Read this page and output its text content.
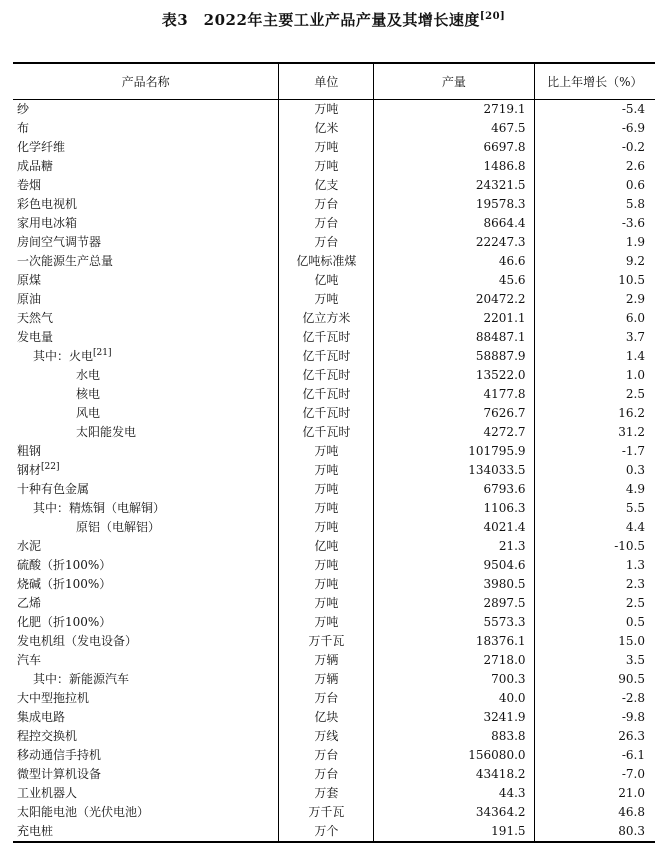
表3　2022年主要工业产品产量及其增长速度[20]
产品名称	单位	产量	比上年增长（%）
纱	万吨	2719.1	-5.4
布	亿米	467.5	-6.9
化学纤维	万吨	6697.8	-0.2
成品糖	万吨	1486.8	2.6
卷烟	亿支	24321.5	0.6
彩色电视机	万台	19578.3	5.8
家用电冰箱	万台	8664.4	-3.6
房间空气调节器	万台	22247.3	1.9
一次能源生产总量	亿吨标准煤	46.6	9.2
原煤	亿吨	45.6	10.5
原油	万吨	20472.2	2.9
天然气	亿立方米	2201.1	6.0
发电量	亿千瓦时	88487.1	3.7
其中：火电[21]	亿千瓦时	58887.9	1.4
水电	亿千瓦时	13522.0	1.0
核电	亿千瓦时	4177.8	2.5
风电	亿千瓦时	7626.7	16.2
太阳能发电	亿千瓦时	4272.7	31.2
粗钢	万吨	101795.9	-1.7
钢材[22]	万吨	134033.5	0.3
十种有色金属	万吨	6793.6	4.9
其中：精炼铜（电解铜）	万吨	1106.3	5.5
原铝（电解铝）	万吨	4021.4	4.4
水泥	亿吨	21.3	-10.5
硫酸（折100%）	万吨	9504.6	1.3
烧碱（折100%）	万吨	3980.5	2.3
乙烯	万吨	2897.5	2.5
化肥（折100%）	万吨	5573.3	0.5
发电机组（发电设备）	万千瓦	18376.1	15.0
汽车	万辆	2718.0	3.5
其中：新能源汽车	万辆	700.3	90.5
大中型拖拉机	万台	40.0	-2.8
集成电路	亿块	3241.9	-9.8
程控交换机	万线	883.8	26.3
移动通信手持机	万台	156080.0	-6.1
微型计算机设备	万台	43418.2	-7.0
工业机器人	万套	44.3	21.0
太阳能电池（光伏电池）	万千瓦	34364.2	46.8
充电桩	万个	191.5	80.3
